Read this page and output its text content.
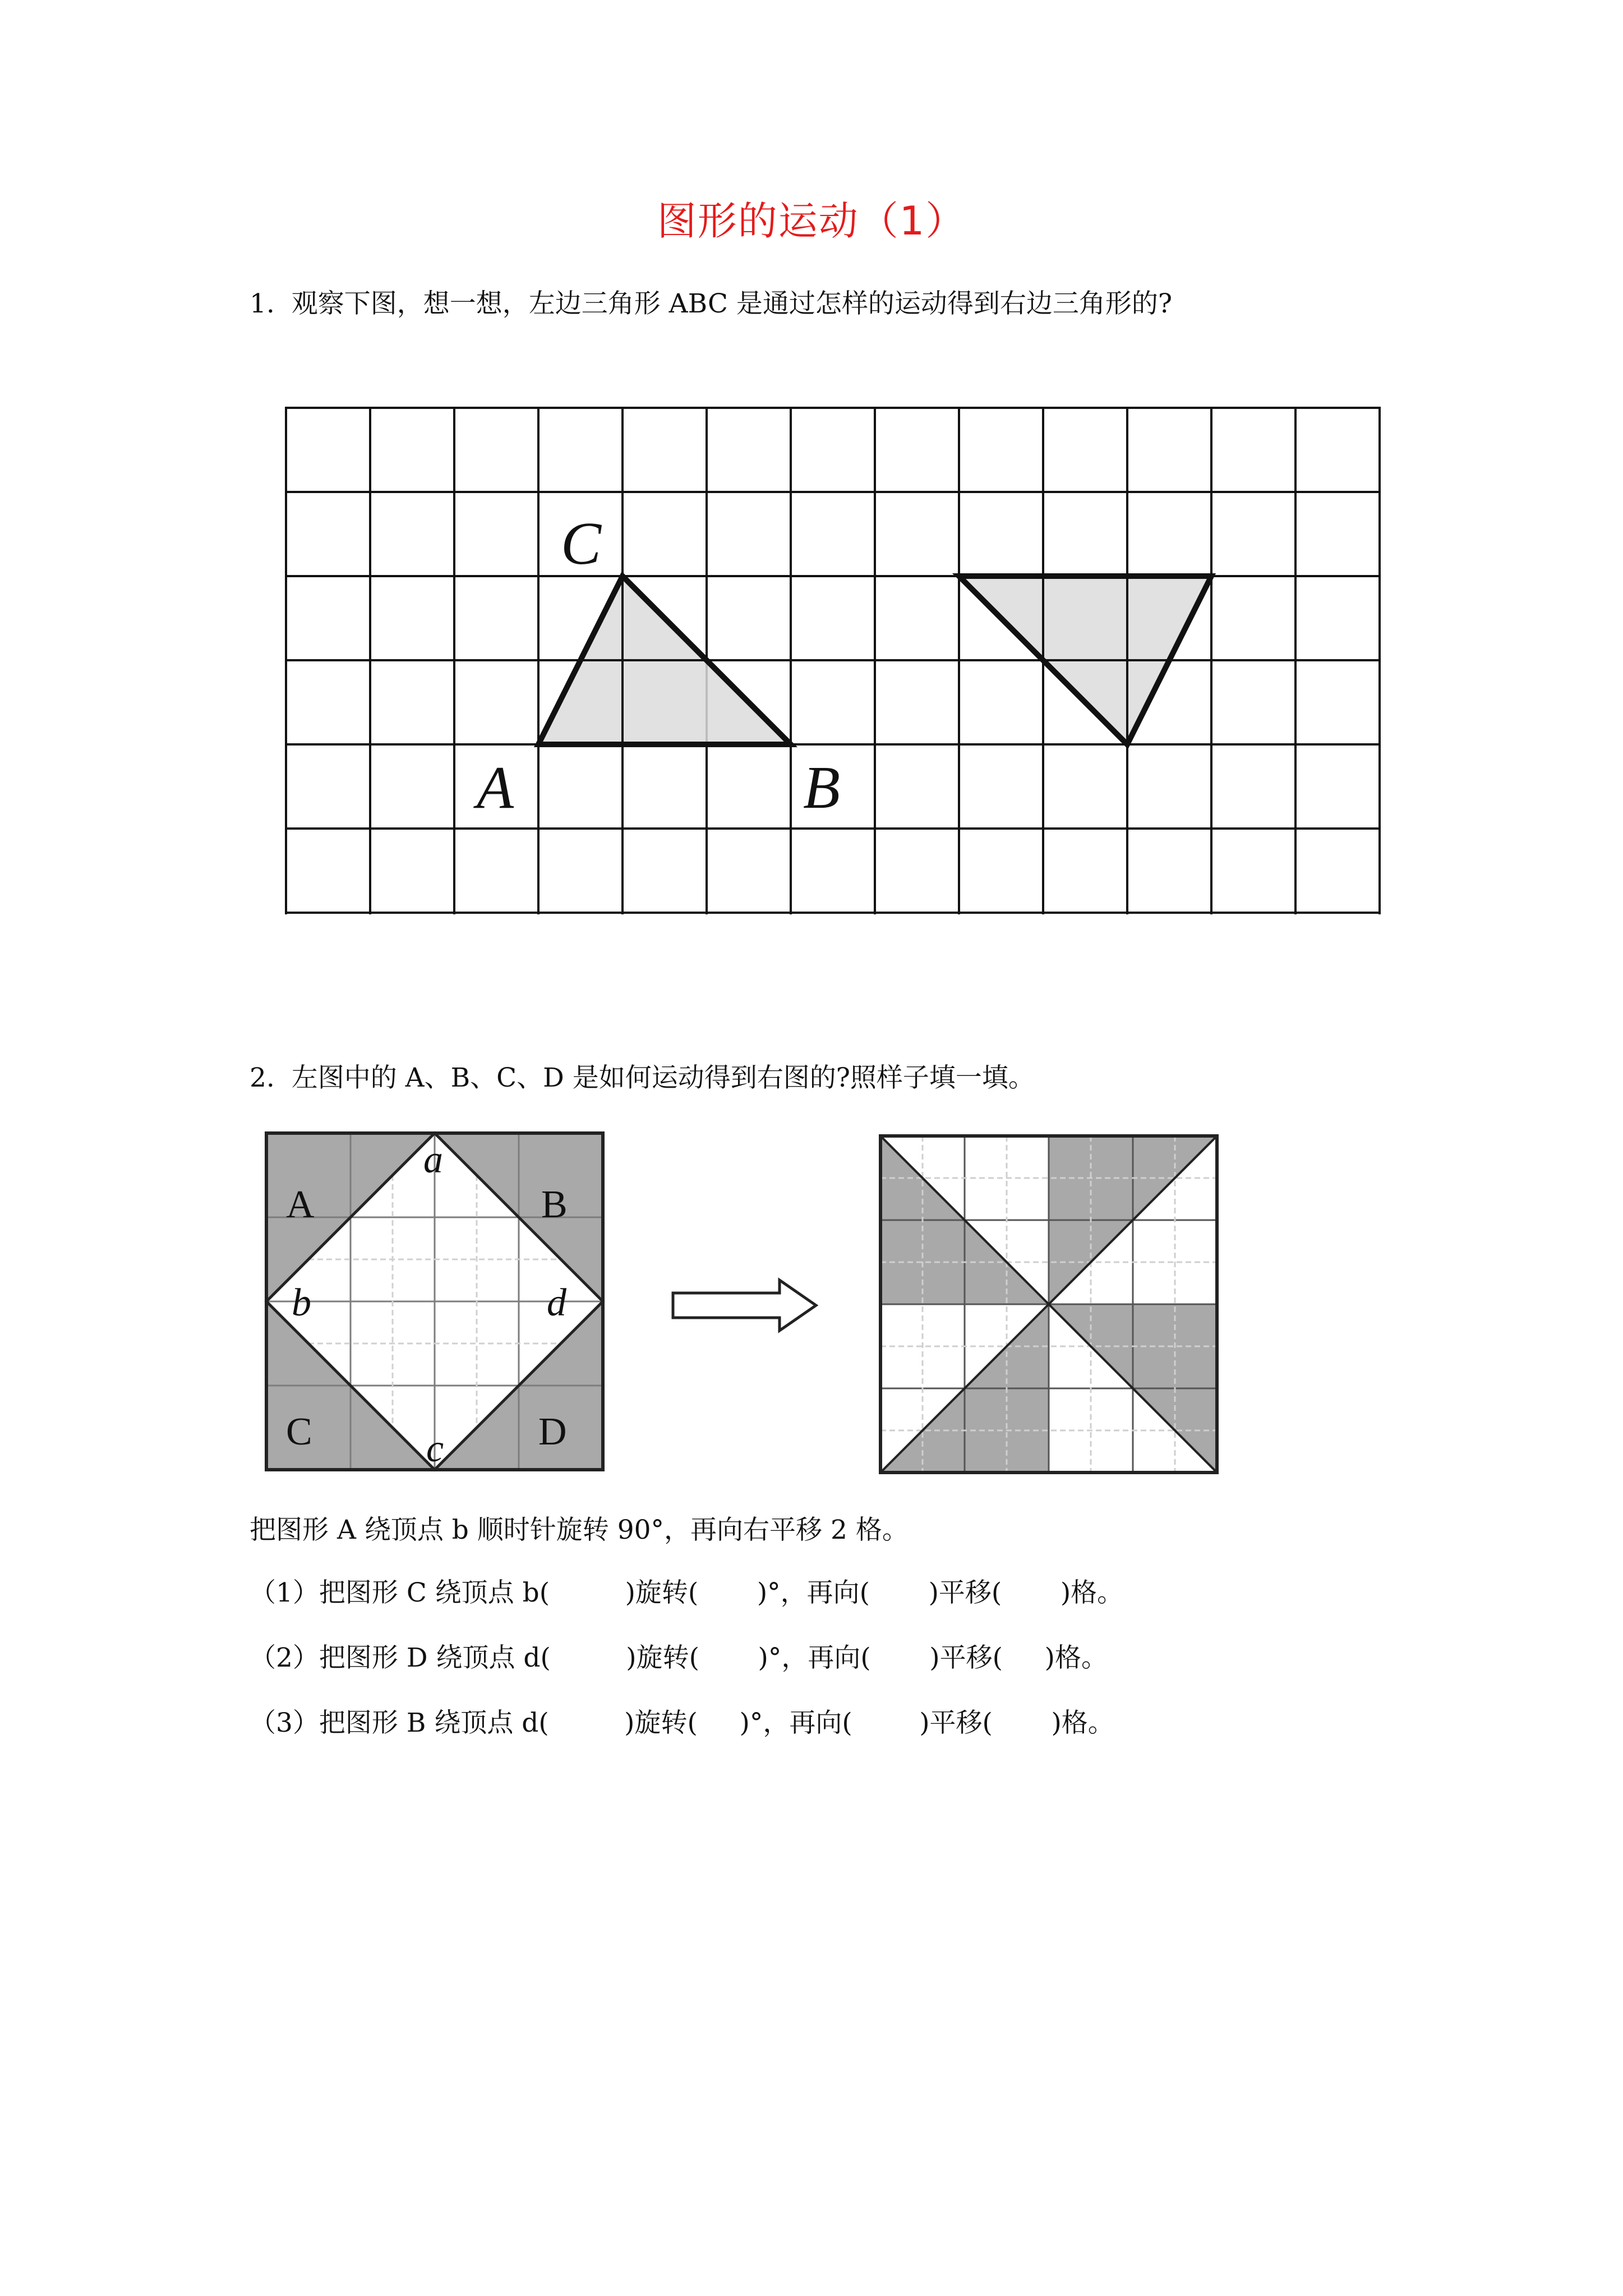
图形的运动（1）
1.  观察下图，想一想，左边三角形 ABC 是通过怎样的运动得到右边三角形的?
C
A	B
2.  左图中的 A、B、C、D 是如何运动得到右图的?照样子填一填。
A	B
C	D
a
b
c
d
把图形 A 绕顶点 b 顺时针旋转 90°，再向右平移 2 格。
（1）把图形 C 绕顶点 b(         )旋转(       )°，再向(       )平移(       )格。
（2）把图形 D 绕顶点 d(         )旋转(       )°，再向(       )平移(     )格。
（3）把图形 B 绕顶点 d(         )旋转(     )°，再向(        )平移(       )格。
